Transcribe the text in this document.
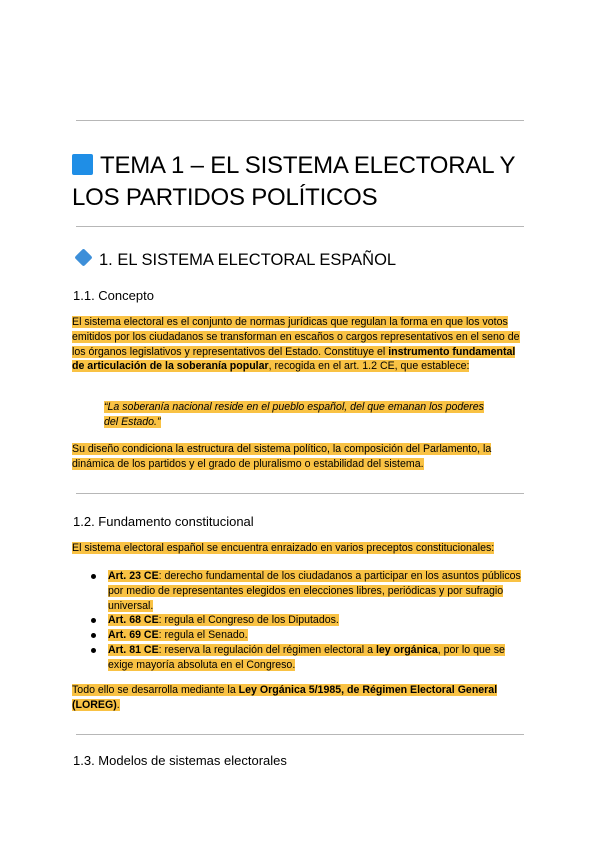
TEMA 1 – EL SISTEMA ELECTORAL Y LOS PARTIDOS POLÍTICOS
1. EL SISTEMA ELECTORAL ESPAÑOL
1.1. Concepto

El sistema electoral es el conjunto de normas jurídicas que regulan la forma en que los votos emitidos por los ciudadanos se transforman en escaños o cargos representativos en el seno de los órganos legislativos y representativos del Estado. Constituye el instrumento fundamental de articulación de la soberanía popular, recogida en el art. 1.2 CE, que establece:

“La soberanía nacional reside en el pueblo español, del que emanan los poderes del Estado.”

Su diseño condiciona la estructura del sistema político, la composición del Parlamento, la dinámica de los partidos y el grado de pluralismo o estabilidad del sistema.

1.2. Fundamento constitucional

El sistema electoral español se encuentra enraizado en varios preceptos constitucionales:

Art. 23 CE: derecho fundamental de los ciudadanos a participar en los asuntos públicos por medio de representantes elegidos en elecciones libres, periódicas y por sufragio universal.
Art. 68 CE: regula el Congreso de los Diputados.
Art. 69 CE: regula el Senado.
Art. 81 CE: reserva la regulación del régimen electoral a ley orgánica, por lo que se exige mayoría absoluta en el Congreso.

Todo ello se desarrolla mediante la Ley Orgánica 5/1985, de Régimen Electoral General (LOREG).

1.3. Modelos de sistemas electorales
